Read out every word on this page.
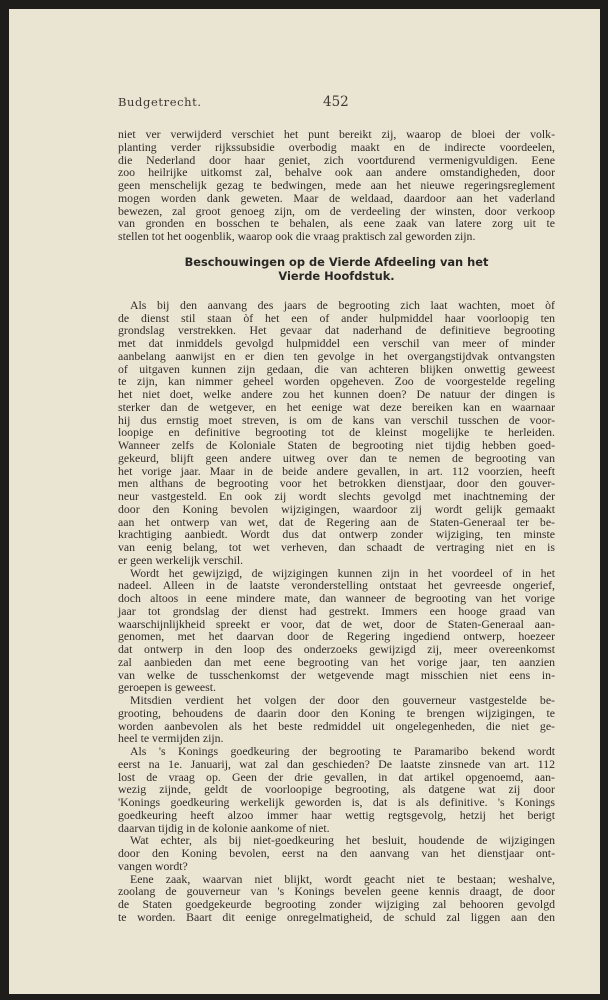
Budgetrecht.	452
niet ver verwijderd verschiet het punt bereikt zij, waarop de bloei der volk-
planting verder rijkssubsidie overbodig maakt en de indirecte voordeelen,
die Nederland door haar geniet, zich voortdurend vermenigvuldigen. Eene
zoo heilrijke uitkomst zal, behalve ook aan andere omstandigheden, door
geen menschelijk gezag te bedwingen, mede aan het nieuwe regeringsreglement
mogen worden dank geweten. Maar de weldaad, daardoor aan het vaderland
bewezen, zal groot genoeg zijn, om de verdeeling der winsten, door verkoop
van gronden en bosschen te behalen, als eene zaak van latere zorg uit te
stellen tot het oogenblik, waarop ook die vraag praktisch zal geworden zijn.
Beschouwingen op de Vierde Afdeeling van het
Vierde Hoofdstuk.
Als bij den aanvang des jaars de begrooting zich laat wachten, moet òf
de dienst stil staan òf het een of ander hulpmiddel haar voorloopig ten
grondslag verstrekken. Het gevaar dat naderhand de definitieve begrooting
met dat inmiddels gevolgd hulpmiddel een verschil van meer of minder
aanbelang aanwijst en er dien ten gevolge in het overgangstijdvak ontvangsten
of uitgaven kunnen zijn gedaan, die van achteren blijken onwettig geweest
te zijn, kan nimmer geheel worden opgeheven. Zoo de voorgestelde regeling
het niet doet, welke andere zou het kunnen doen? De natuur der dingen is
sterker dan de wetgever, en het eenige wat deze bereiken kan en waarnaar
hij dus ernstig moet streven, is om de kans van verschil tusschen de voor-
loopige en definitive begrooting tot de kleinst mogelijke te herleiden.
Wanneer zelfs de Koloniale Staten de begrooting niet tijdig hebben goed-
gekeurd, blijft geen andere uitweg over dan te nemen de begrooting van
het vorige jaar. Maar in de beide andere gevallen, in art. 112 voorzien, heeft
men althans de begrooting voor het betrokken dienstjaar, door den gouver-
neur vastgesteld. En ook zij wordt slechts gevolgd met inachtneming der
door den Koning bevolen wijzigingen, waardoor zij wordt gelijk gemaakt
aan het ontwerp van wet, dat de Regering aan de Staten-Generaal ter be-
krachtiging aanbiedt. Wordt dus dat ontwerp zonder wijziging, ten minste
van eenig belang, tot wet verheven, dan schaadt de vertraging niet en is
er geen werkelijk verschil.
Wordt het gewijzigd, de wijzigingen kunnen zijn in het voordeel of in het
nadeel. Alleen in de laatste veronderstelling ontstaat het gevreesde ongerief,
doch altoos in eene mindere mate, dan wanneer de begrooting van het vorige
jaar tot grondslag der dienst had gestrekt. Immers een hooge graad van
waarschijnlijkheid spreekt er voor, dat de wet, door de Staten-Generaal aan-
genomen, met het daarvan door de Regering ingediend ontwerp, hoezeer
dat ontwerp in den loop des onderzoeks gewijzigd zij, meer overeenkomst
zal aanbieden dan met eene begrooting van het vorige jaar, ten aanzien
van welke de tusschenkomst der wetgevende magt misschien niet eens in-
geroepen is geweest.
Mitsdien verdient het volgen der door den gouverneur vastgestelde be-
grooting, behoudens de daarin door den Koning te brengen wijzigingen, te
worden aanbevolen als het beste redmiddel uit ongelegenheden, die niet ge-
heel te vermijden zijn.
Als 's Konings goedkeuring der begrooting te Paramaribo bekend wordt
eerst na 1e. Januarij, wat zal dan geschieden? De laatste zinsnede van art. 112
lost de vraag op. Geen der drie gevallen, in dat artikel opgenoemd, aan-
wezig zijnde, geldt de voorloopige begrooting, als datgene wat zij door
'Konings goedkeuring werkelijk geworden is, dat is als definitive. 's Konings
goedkeuring heeft alzoo immer haar wettig regtsgevolg, hetzij het berigt
daarvan tijdig in de kolonie aankome of niet.
Wat echter, als bij niet-goedkeuring het besluit, houdende de wijzigingen
door den Koning bevolen, eerst na den aanvang van het dienstjaar ont-
vangen wordt?
Eene zaak, waarvan niet blijkt, wordt geacht niet te bestaan; weshalve,
zoolang de gouverneur van 's Konings bevelen geene kennis draagt, de door
de Staten goedgekeurde begrooting zonder wijziging zal behooren gevolgd
te worden. Baart dit eenige onregelmatigheid, de schuld zal liggen aan den
